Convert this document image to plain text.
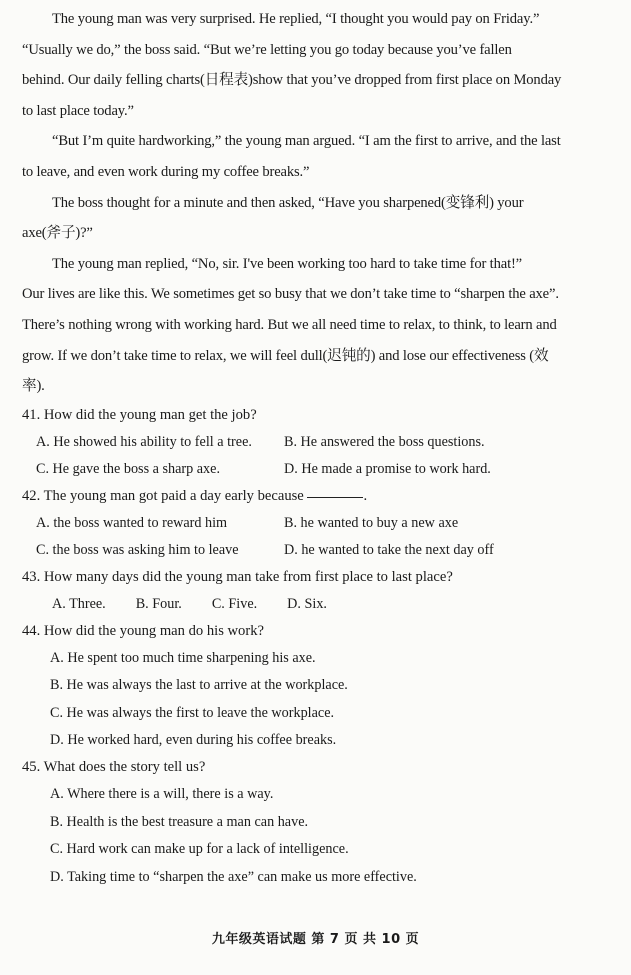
The young man was very surprised. He replied, “I thought you would pay on Friday.”
“Usually we do,” the boss said. “But we’re letting you go today because you’ve fallen
behind. Our daily felling charts(日程表)show that you’ve dropped from first place on Monday
to last place today.”
“But I’m quite hardworking,” the young man argued. “I am the first to arrive, and the last
to leave, and even work during my coffee breaks.”
The boss thought for a minute and then asked, “Have you sharpened(变锋利) your
axe(斧子)?”
The young man replied, “No, sir. I've been working too hard to take time for that!”
Our lives are like this. We sometimes get so busy that we don’t take time to “sharpen the axe”.
There’s nothing wrong with working hard. But we all need time to relax, to think, to learn and
grow. If we don’t take time to relax, we will feel dull(迟钝的) and lose our effectiveness (效
率).
41. How did the young man get the job?
A. He showed his ability to fell a tree.	B. He answered the boss questions.
C. He gave the boss a sharp axe.	D. He made a promise to work hard.
42. The young man got paid a day early because	.
A. the boss wanted to reward him	B. he wanted to buy a new axe
C. the boss was asking him to leave	D. he wanted to take the next day off
43. How many days did the young man take from first place to last place?
A. Three. B. Four. C. Five. D. Six.
44. How did the young man do his work?
A. He spent too much time sharpening his axe.
B. He was always the last to arrive at the workplace.
C. He was always the first to leave the workplace.
D. He worked hard, even during his coffee breaks.
45. What does the story tell us?
A. Where there is a will, there is a way.
B. Health is the best treasure a man can have.
C. Hard work can make up for a lack of intelligence.
D. Taking time to “sharpen the axe” can make us more effective.
九年级英语试题 第 7 页 共 10 页
